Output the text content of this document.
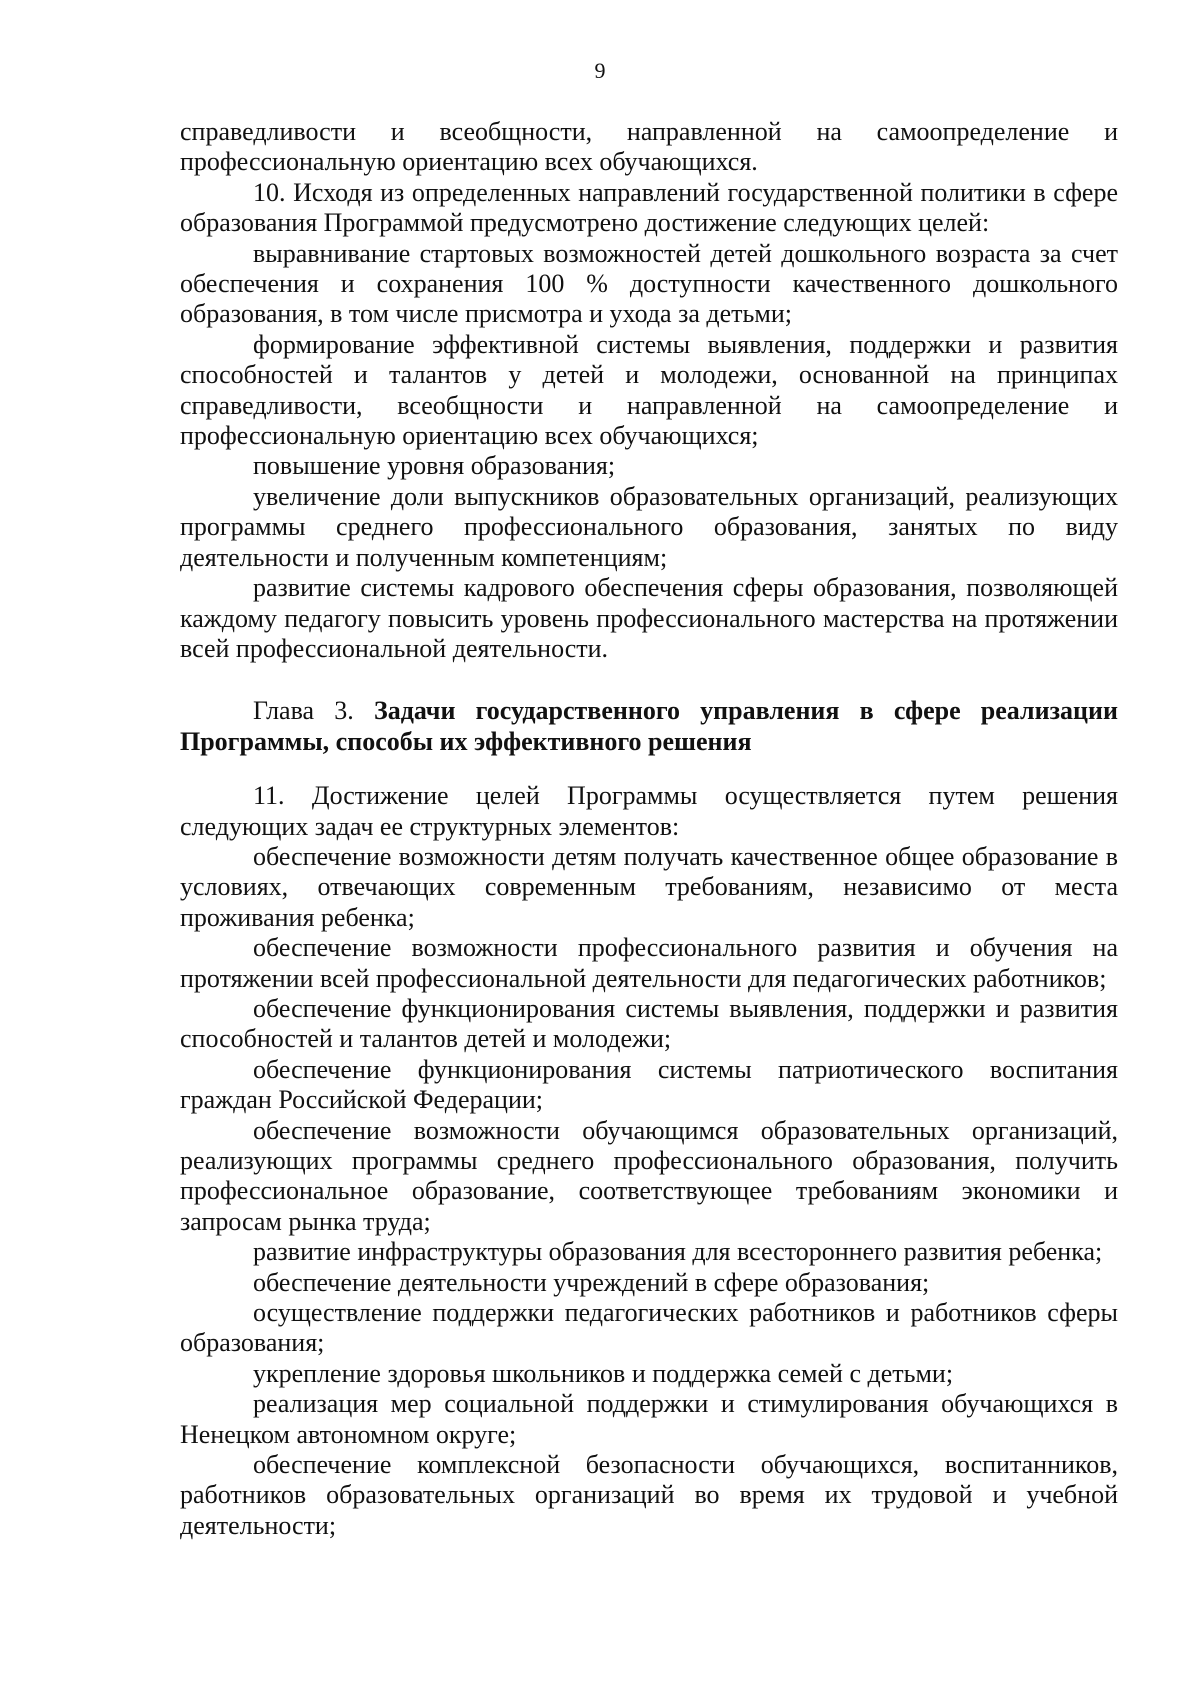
9

справедливости и всеобщности, направленной на самоопределение и профессиональную ориентацию всех обучающихся.

10. Исходя из определенных направлений государственной политики в сфере образования Программой предусмотрено достижение следующих целей:

выравнивание стартовых возможностей детей дошкольного возраста за счет обеспечения и сохранения 100 % доступности качественного дошкольного образования, в том числе присмотра и ухода за детьми;

формирование эффективной системы выявления, поддержки и развития способностей и талантов у детей и молодежи, основанной на принципах справедливости, всеобщности и направленной на самоопределение и профессиональную ориентацию всех обучающихся;

повышение уровня образования;

увеличение доли выпускников образовательных организаций, реализующих программы среднего профессионального образования, занятых по виду деятельности и полученным компетенциям;

развитие системы кадрового обеспечения сферы образования, позволяющей каждому педагогу повысить уровень профессионального мастерства на протяжении всей профессиональной деятельности.

Глава 3. Задачи государственного управления в сфере реализации Программы, способы их эффективного решения

11. Достижение целей Программы осуществляется путем решения следующих задач ее структурных элементов:

обеспечение возможности детям получать качественное общее образование в условиях, отвечающих современным требованиям, независимо от места проживания ребенка;

обеспечение возможности профессионального развития и обучения на протяжении всей профессиональной деятельности для педагогических работников;

обеспечение функционирования системы выявления, поддержки и развития способностей и талантов детей и молодежи;

обеспечение функционирования системы патриотического воспитания граждан Российской Федерации;

обеспечение возможности обучающимся образовательных организаций, реализующих программы среднего профессионального образования, получить профессиональное образование, соответствующее требованиям экономики и запросам рынка труда;

развитие инфраструктуры образования для всестороннего развития ребенка;

обеспечение деятельности учреждений в сфере образования;

осуществление поддержки педагогических работников и работников сферы образования;

укрепление здоровья школьников и поддержка семей с детьми;

реализация мер социальной поддержки и стимулирования обучающихся в Ненецком автономном округе;

обеспечение комплексной безопасности обучающихся, воспитанников, работников образовательных организаций во время их трудовой и учебной деятельности;
